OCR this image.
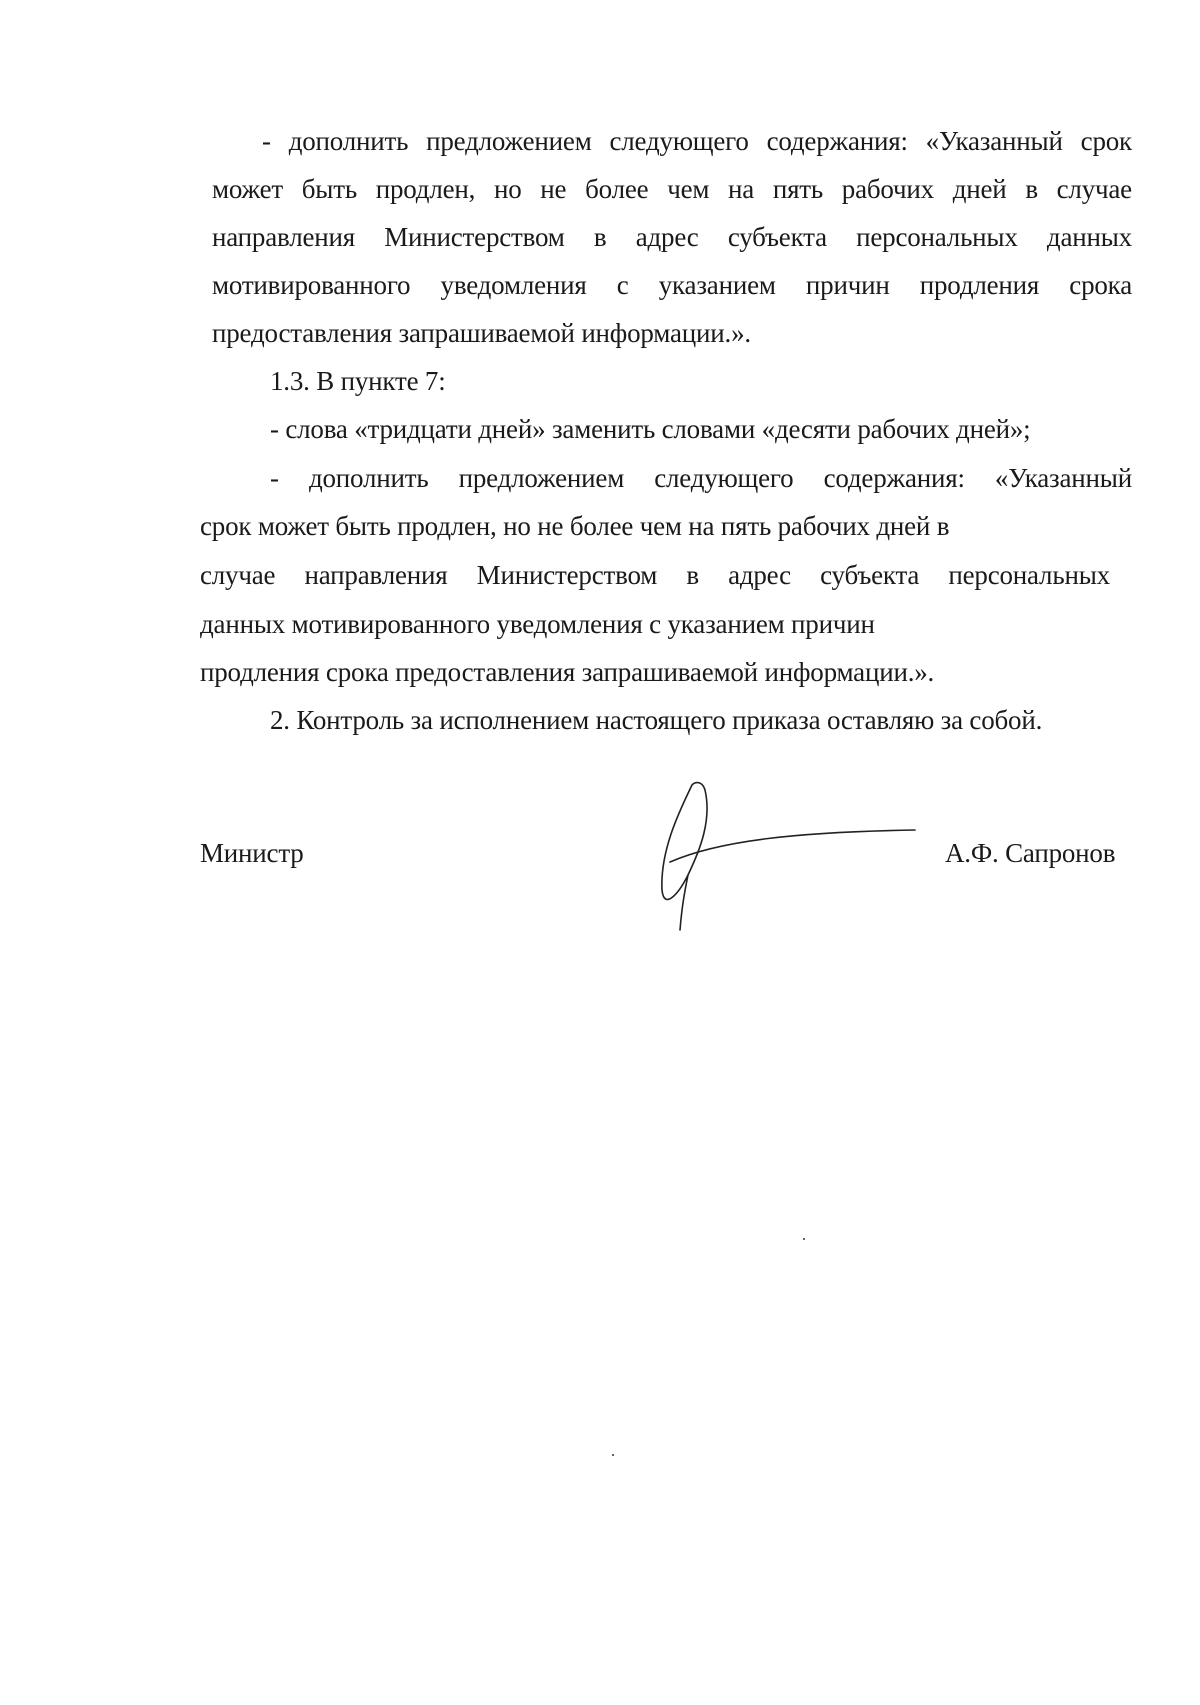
- дополнить предложением следующего содержания: «Указанный срок
может быть продлен, но не более чем на пять рабочих дней в случае
направления Министерством в адрес субъекта персональных данных
мотивированного уведомления с указанием причин продления срока
предоставления запрашиваемой информации.».
1.3. В пункте 7:
- слова «тридцати дней» заменить словами «десяти рабочих дней»;
- дополнить предложением следующего содержания: «Указанный
срок может быть продлен, но не более чем на пять рабочих дней в
случае направления Министерством в адрес субъекта персональных
данных мотивированного уведомления с указанием причин
продления срока предоставления запрашиваемой информации.».
2. Контроль за исполнением настоящего приказа оставляю за собой.
Министр	А.Ф. Сапронов
